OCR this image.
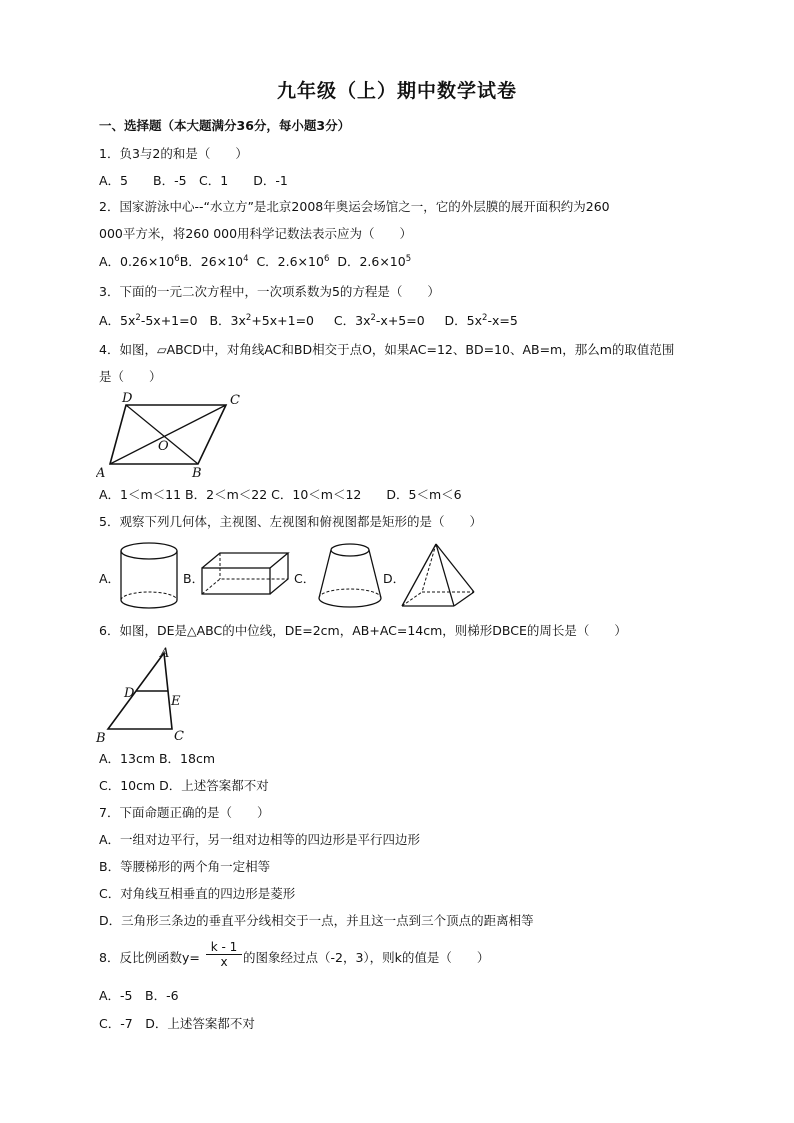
九年级（上）期中数学试卷
一、选择题（本大题满分36分，每小题3分）
1．负3与2的和是（　　）
A．5　　B．-5　C．1　　D．-1
2．国家游泳中心--“水立方”是北京2008年奥运会场馆之一，它的外层膜的展开面积约为260
000平方米，将260 000用科学记数法表示应为（　　）
A．$0.26\times 10^6B$．$26\times 10^4$ C．$2.6\times 10^6$ D．$2.6\times 10^5$
3．下面的一元二次方程中，一次项系数为5的方程是（　　）
A．$5x^2-5x+1=0$ B．$3x^2+5x+1=0$ C．$3x^2-x+5=0$ D．$5x^2-x=5$
4．如图，▱ABCD中，对角线AC和BD相交于点O，如果AC=12、BD=10、AB=m，那么m的取值范围
是（　　）
A	B
C
D
O
A．1＜m＜11 B．2＜m＜22 C．10＜m＜12　　D．5＜m＜6
5．观察下列几何体，主视图、左视图和俯视图都是矩形的是（　　）
A．	B．	C．	D．
6．如图，DE是△ABC的中位线，DE=2cm，AB+AC=14cm，则梯形DBCE的周长是（　　）
A
B	C
D
E
A．13cm B．18cm
C．10cm D．上述答案都不对
7．下面命题正确的是（　　）
A．一组对边平行，另一组对边相等的四边形是平行四边形
B．等腰梯形的两个角一定相等
C．对角线互相垂直的四边形是菱形
D．三角形三条边的垂直平分线相交于一点，并且这一点到三个顶点的距离相等
8．反比例函数$y= \frac{k - 1}{x}$ 的图象经过点（-2，3），则k的值是（　　）
A．-5　B．-6
C．-7　D．上述答案都不对
